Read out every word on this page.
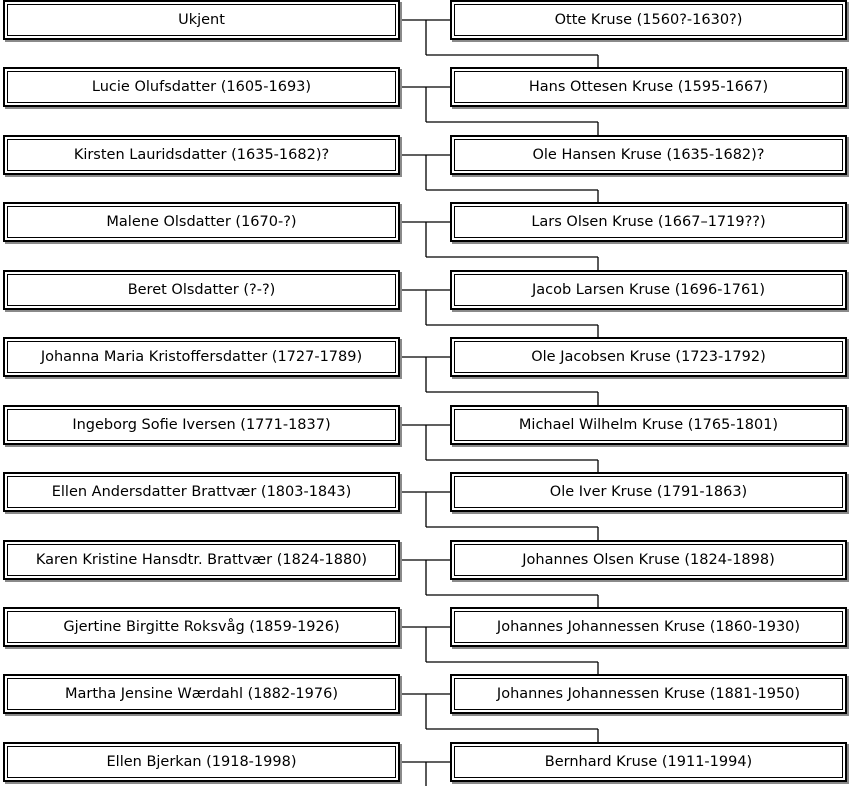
Ukjent	Otte Kruse (1560?-1630?)
Lucie Olufsdatter (1605-1693)	Hans Ottesen Kruse (1595-1667)
Kirsten Lauridsdatter (1635-1682)?	Ole Hansen Kruse (1635-1682)?
Malene Olsdatter (1670-?)	Lars Olsen Kruse (1667–1719??)
Beret Olsdatter (?-?)	Jacob Larsen Kruse (1696-1761)
Johanna Maria Kristoffersdatter (1727-1789)	Ole Jacobsen Kruse (1723-1792)
Ingeborg Sofie Iversen (1771-1837)	Michael Wilhelm Kruse (1765-1801)
Ellen Andersdatter Brattvær (1803-1843)	Ole Iver Kruse (1791-1863)
Karen Kristine Hansdtr. Brattvær (1824-1880)	Johannes Olsen Kruse (1824-1898)
Gjertine Birgitte Roksvåg (1859-1926)	Johannes Johannessen Kruse (1860-1930)
Martha Jensine Wærdahl (1882-1976)	Johannes Johannessen Kruse (1881-1950)
Ellen Bjerkan (1918-1998)	Bernhard Kruse (1911-1994)
